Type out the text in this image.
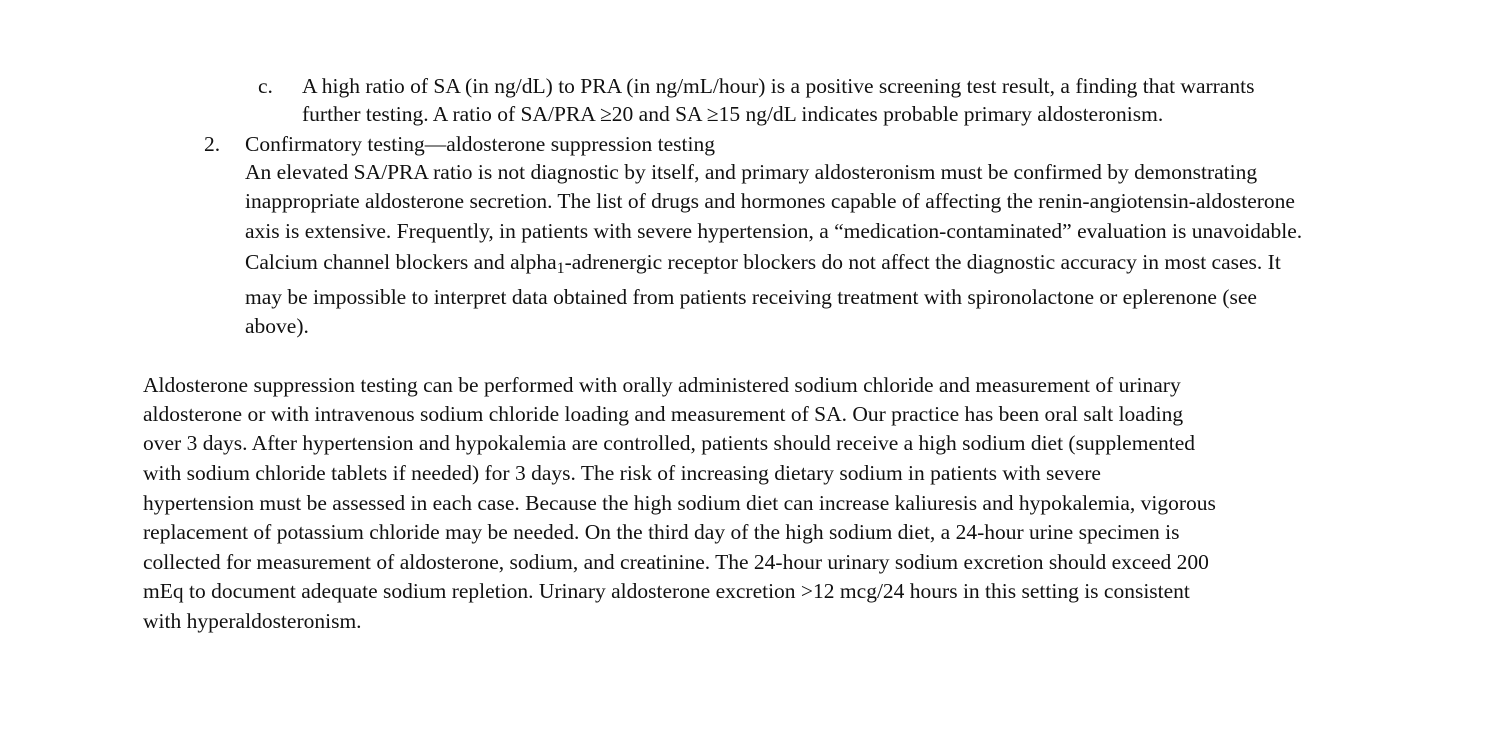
c. A high ratio of SA (in ng/dL) to PRA (in ng/mL/hour) is a positive screening test result, a finding that warrants
further testing. A ratio of SA/PRA ≥20 and SA ≥15 ng/dL indicates probable primary aldosteronism.
2. Confirmatory testing—aldosterone suppression testing
An elevated SA/PRA ratio is not diagnostic by itself, and primary aldosteronism must be confirmed by demonstrating
inappropriate aldosterone secretion. The list of drugs and hormones capable of affecting the renin-angiotensin-aldosterone
axis is extensive. Frequently, in patients with severe hypertension, a “medication-contaminated” evaluation is unavoidable.
Calcium channel blockers and alpha$_1$-adrenergic receptor blockers do not affect the diagnostic accuracy in most cases. It
may be impossible to interpret data obtained from patients receiving treatment with spironolactone or eplerenone (see
above).
Aldosterone suppression testing can be performed with orally administered sodium chloride and measurement of urinary
aldosterone or with intravenous sodium chloride loading and measurement of SA. Our practice has been oral salt loading
over 3 days. After hypertension and hypokalemia are controlled, patients should receive a high sodium diet (supplemented
with sodium chloride tablets if needed) for 3 days. The risk of increasing dietary sodium in patients with severe
hypertension must be assessed in each case. Because the high sodium diet can increase kaliuresis and hypokalemia, vigorous
replacement of potassium chloride may be needed. On the third day of the high sodium diet, a 24-hour urine specimen is
collected for measurement of aldosterone, sodium, and creatinine. The 24-hour urinary sodium excretion should exceed 200
mEq to document adequate sodium repletion. Urinary aldosterone excretion >12 mcg/24 hours in this setting is consistent
with hyperaldosteronism.
